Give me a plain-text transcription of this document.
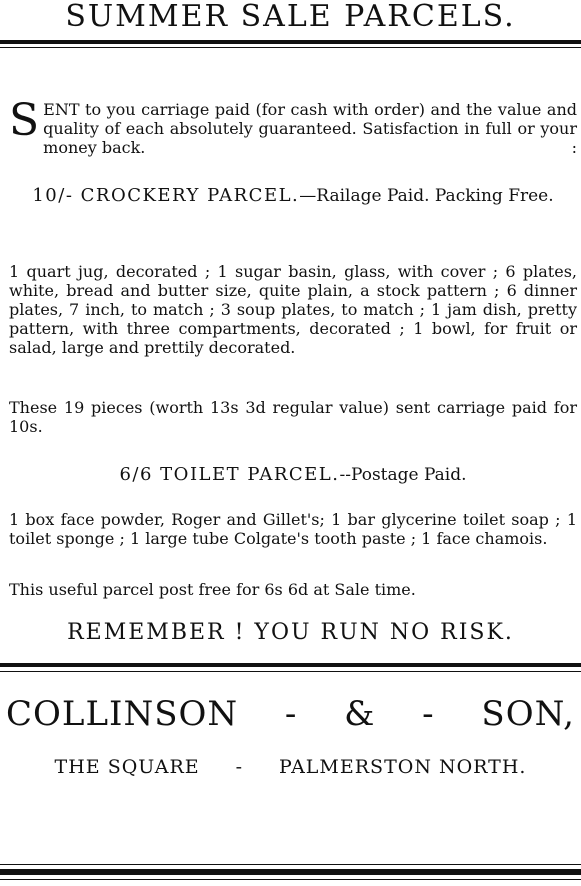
SUMMER SALE PARCELS.
SENT to you carriage paid (for cash with order) and the value and quality of each absolutely guaranteed. Satisfaction in full or your money back.	:
10/- CROCKERY PARCEL.—Railage Paid. Packing Free.
1 quart jug, decorated ; 1 sugar basin, glass, with cover ; 6 plates, white, bread and butter size, quite plain, a stock pattern ; 6 dinner plates, 7 inch, to match ; 3 soup plates, to match ; 1 jam dish, pretty pattern, with three compartments, decorated ; 1 bowl, for fruit or salad, large and prettily decorated.
These 19 pieces (worth 13s 3d regular value) sent carriage paid for 10s.
6/6 TOILET PARCEL.--Postage Paid.
1 box face powder, Roger and Gillet's; 1 bar glycerine toilet soap ; 1 toilet sponge ; 1 large tube Colgate's tooth paste ; 1 face chamois.
This useful parcel post free for 6s 6d at Sale time.
REMEMBER ! YOU RUN NO RISK.
COLLINSON - & - SON,
THE SQUARE - PALMERSTON NORTH.
